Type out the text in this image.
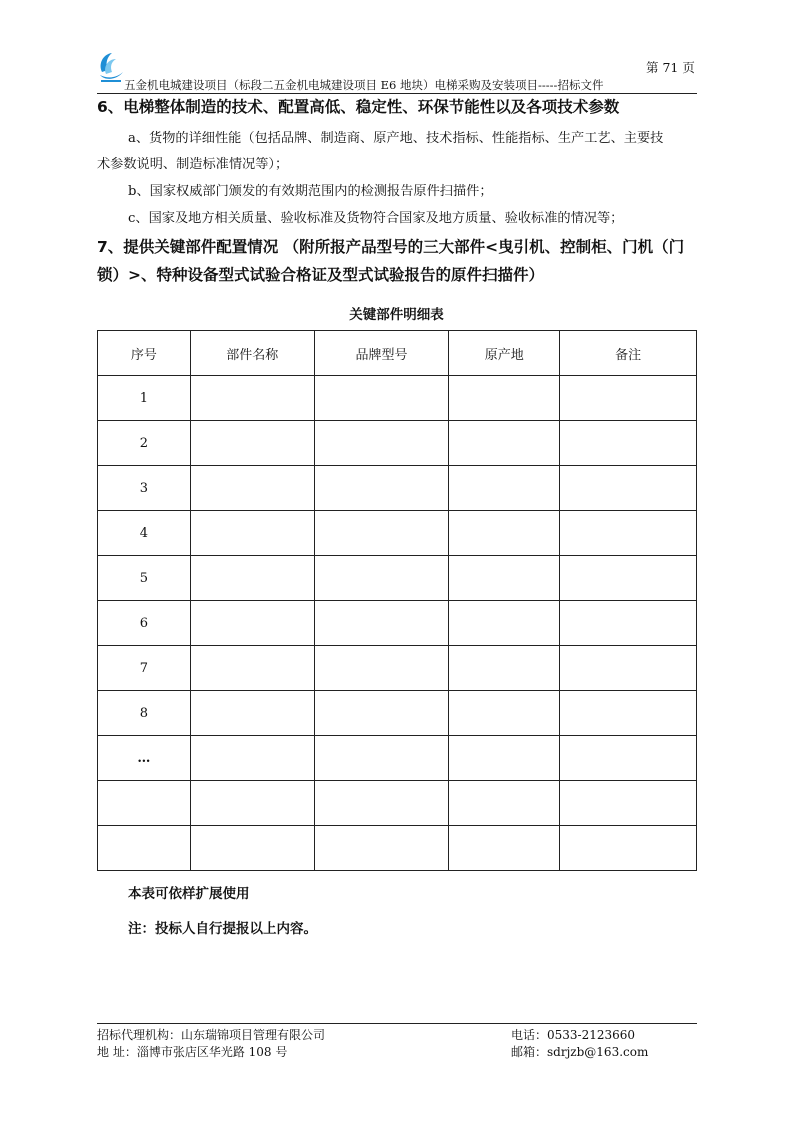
第 71 页
五金机电城建设项目（标段二五金机电城建设项目 E6 地块）电梯采购及安装项目-----招标文件
6、电梯整体制造的技术、配置高低、稳定性、环保节能性以及各项技术参数
a、货物的详细性能（包括品牌、制造商、原产地、技术指标、性能指标、生产工艺、主要技
术参数说明、制造标准情况等）；
b、国家权威部门颁发的有效期范围内的检测报告原件扫描件；
c、国家及地方相关质量、验收标准及货物符合国家及地方质量、验收标准的情况等；
7、提供关键部件配置情况 （附所报产品型号的三大部件<曳引机、控制柜、门机（门
锁）>、特种设备型式试验合格证及型式试验报告的原件扫描件）
关键部件明细表
序号	部件名称	品牌型号	原产地	备注
1				
2				
3				
4				
5				
6				
7				
8				
…				

本表可依样扩展使用
注：投标人自行提报以上内容。
招标代理机构：山东瑞锦项目管理有限公司
地 址：淄博市张店区华光路 108 号
电话：0533-2123660
邮箱：sdrjzb@163.com
